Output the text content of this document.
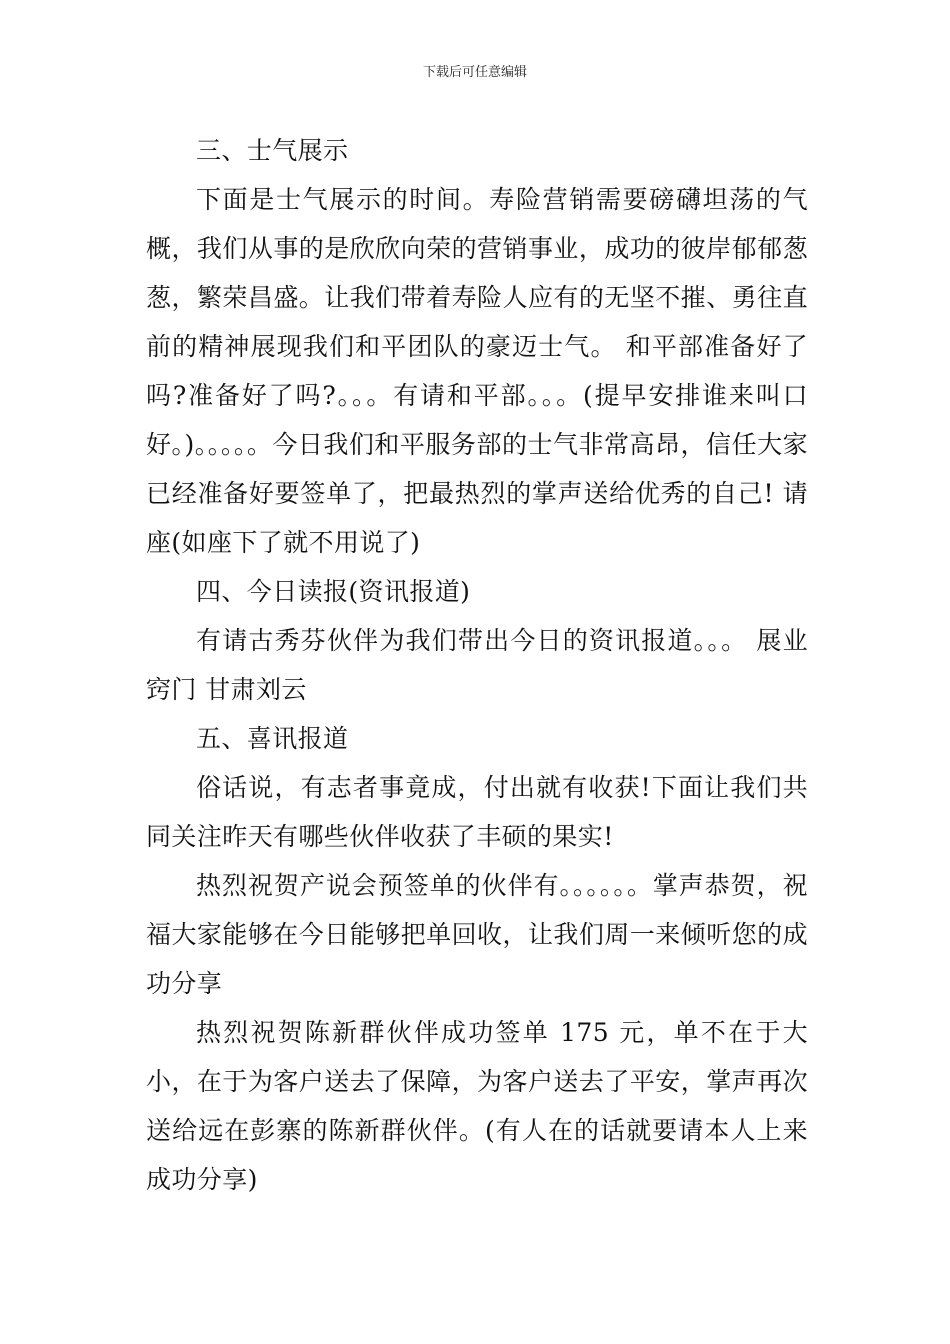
下载后可任意编辑

三、士气展示

下面是士气展示的时间。寿险营销需要磅礴坦荡的气概，我们从事的是欣欣向荣的营销事业，成功的彼岸郁郁葱葱，繁荣昌盛。让我们带着寿险人应有的无坚不摧、勇往直前的精神展现我们和平团队的豪迈士气。 和平部准备好了吗?准备好了吗?。。。有请和平部。。。(提早安排谁来叫口好。)。。。。。今日我们和平服务部的士气非常高昂，信任大家已经准备好要签单了，把最热烈的掌声送给优秀的自己! 请座(如座下了就不用说了)

四、今日读报(资讯报道)

有请古秀芬伙伴为我们带出今日的资讯报道。。。 展业窍门 甘肃刘云

五、喜讯报道

俗话说，有志者事竟成，付出就有收获!下面让我们共同关注昨天有哪些伙伴收获了丰硕的果实!

热烈祝贺产说会预签单的伙伴有。。。。。。掌声恭贺，祝福大家能够在今日能够把单回收，让我们周一来倾听您的成功分享

热烈祝贺陈新群伙伴成功签单 175 元，单不在于大小，在于为客户送去了保障，为客户送去了平安，掌声再次送给远在彭寨的陈新群伙伴。(有人在的话就要请本人上来成功分享)
